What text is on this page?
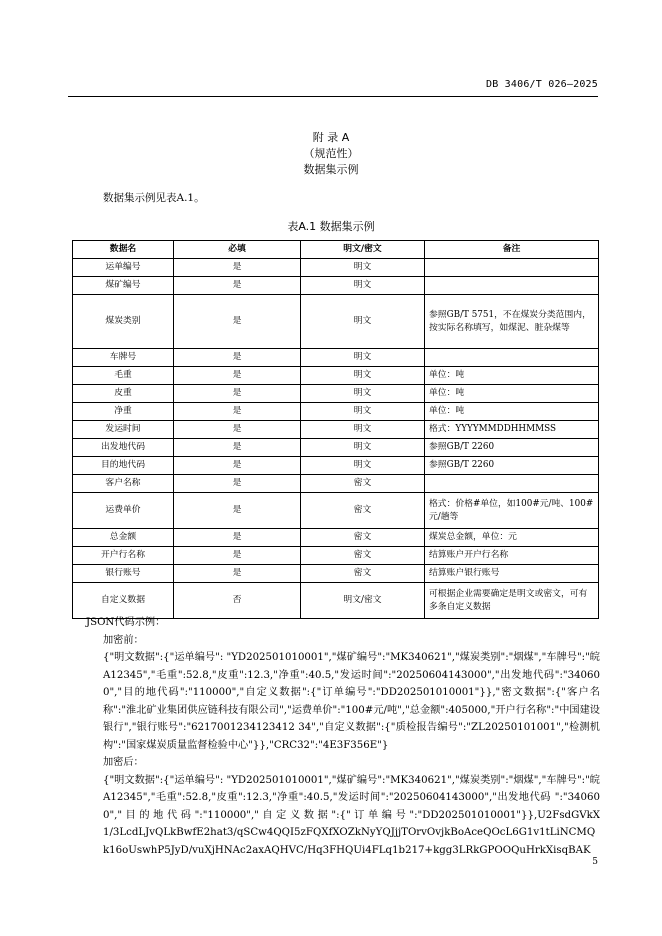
DB 3406/T 026—2025
附 录 A
（规范性）
数据集示例
数据集示例见表A.1。
表A.1 数据集示例
数据名	必填	明文/密文	备注
运单编号	是	明文	
煤矿编号	是	明文	
煤炭类别	是	明文	参照GB/T 5751，不在煤炭分类范围内，按实际名称填写，如煤泥、脏杂煤等
车牌号	是	明文	
毛重	是	明文	单位：吨
皮重	是	明文	单位：吨
净重	是	明文	单位：吨
发运时间	是	明文	格式：YYYYMMDDHHMMSS
出发地代码	是	明文	参照GB/T 2260
目的地代码	是	明文	参照GB/T 2260
客户名称	是	密文	
运费单价	是	密文	格式：价格#单位，如100#元/吨、100#元/趟等
总金额	是	密文	煤炭总金额，单位：元
开户行名称	是	密文	结算账户开户行名称
银行账号	是	密文	结算账户银行账号
自定义数据	否	明文/密文	可根据企业需要确定是明文或密文，可有多条自定义数据
JSON代码示例：
加密前：
{"明文数据":{"运单编号": "YD202501010001","煤矿编号":"MK340621","煤炭类别":"烟煤","车牌号":"皖A12345","毛重":52.8,"皮重":12.3,"净重":40.5,"发运时间":"20250604143000","出发地代码":"340600","目的地代码":"110000","自定义数据":{"订单编号":"DD202501010001"}},"密文数据":{"客户名称":"淮北矿业集团供应链科技有限公司","运费单价":"100#元/吨","总金额":405000,"开户行名称":"中国建设银行","银行账号":"6217001234123412 34","自定义数据":{"质检报告编号":"ZL20250101001","检测机构":"国家煤炭质量监督检验中心"}},"CRC32":"4E3F356E"}
加密后：
{"明文数据":{"运单编号": "YD202501010001","煤矿编号":"MK340621","煤炭类别":"烟煤","车牌号":"皖A12345","毛重":52.8,"皮重":12.3,"净重":40.5,"发运时间":"20250604143000","出发地代码 ":"340600"," 目 的 地 代 码 ":"110000"," 自 定 义 数 据 ":{" 订 单 编 号 ":"DD202501010001"}},U2FsdGVkX1/3LcdLJvQLkBwfE2hat3/qSCw4QQI5zFQXfXOZkNyYQJjjTOrvOvjkBoAceQOcL6G1v1tLiNCMQk16oUswhP5JyD/vuXjHNAc2axAQHVC/Hq3FHQUi4FLq1b217+kgg3LRkGPOOQuHrkXisqBAK
5
